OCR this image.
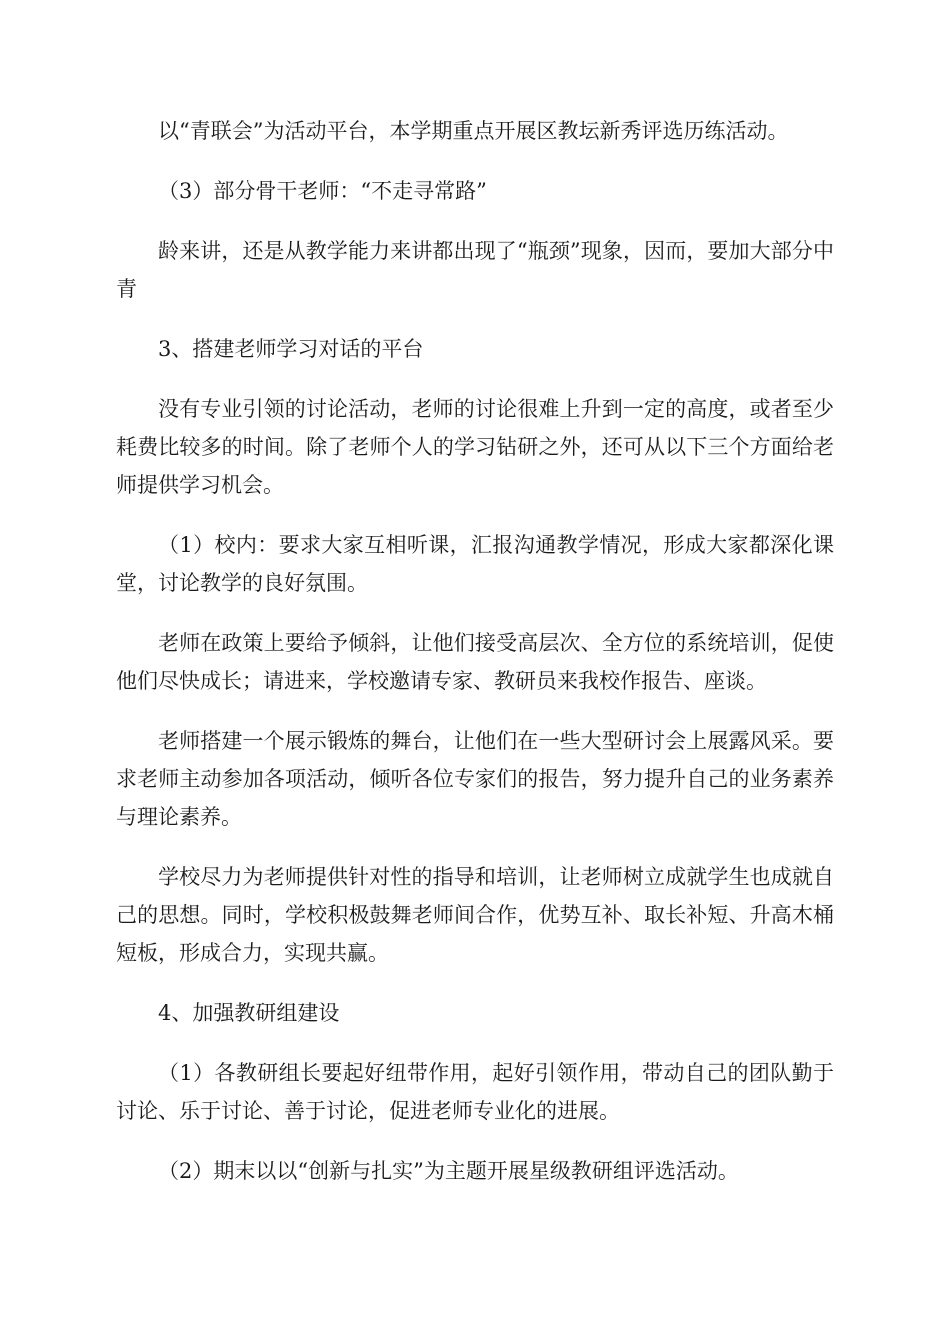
以“青联会”为活动平台，本学期重点开展区教坛新秀评选历练活动。

（3）部分骨干老师：“不走寻常路”

龄来讲，还是从教学能力来讲都出现了“瓶颈”现象，因而，要加大部分中青

3、搭建老师学习对话的平台

没有专业引领的讨论活动，老师的讨论很难上升到一定的高度，或者至少耗费比较多的时间。除了老师个人的学习钻研之外，还可从以下三个方面给老师提供学习机会。

（1）校内：要求大家互相听课，汇报沟通教学情况，形成大家都深化课堂，讨论教学的良好氛围。

老师在政策上要给予倾斜，让他们接受高层次、全方位的系统培训，促使他们尽快成长；请进来，学校邀请专家、教研员来我校作报告、座谈。

老师搭建一个展示锻炼的舞台，让他们在一些大型研讨会上展露风采。要求老师主动参加各项活动，倾听各位专家们的报告，努力提升自己的业务素养与理论素养。

学校尽力为老师提供针对性的指导和培训，让老师树立成就学生也成就自己的思想。同时，学校积极鼓舞老师间合作，优势互补、取长补短、升高木桶短板，形成合力，实现共赢。

4、加强教研组建设

（1）各教研组长要起好纽带作用，起好引领作用，带动自己的团队勤于讨论、乐于讨论、善于讨论，促进老师专业化的进展。

（2）期末以以“创新与扎实”为主题开展星级教研组评选活动。
